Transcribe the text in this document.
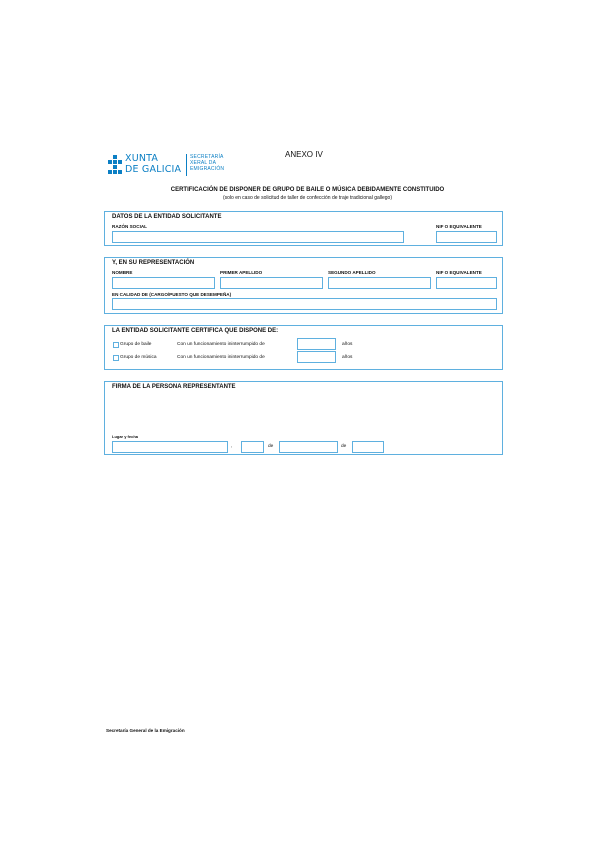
XUNTA
DE GALICIA
SECRETARÍA
XERAL DA
EMIGRACIÓN
ANEXO IV
CERTIFICACIÓN DE DISPONER DE GRUPO DE BAILE O MÚSICA DEBIDAMENTE CONSTITUIDO
(solo en caso de solicitud de taller de confección de traje tradicional gallego)
DATOS DE LA ENTIDAD SOLICITANTE
RAZÓN SOCIAL	NIF O EQUIVALENTE
Y, EN SU REPRESENTACIÓN
NOMBRE	PRIMER APELLIDO	SEGUNDO APELLIDO	NIF O EQUIVALENTE
EN CALIDAD DE (CARGO/PUESTO QUE DESEMPEÑA)
LA ENTIDAD SOLICITANTE CERTIFICA QUE DISPONE DE:
Grupo de baile	Con un funcionamiento ininterrumpido de	años
Grupo de música	Con un funcionamiento ininterrumpido de	años
FIRMA DE LA PERSONA REPRESENTANTE
Lugar y fecha
,	de	de
Secretaría General de la Emigración
